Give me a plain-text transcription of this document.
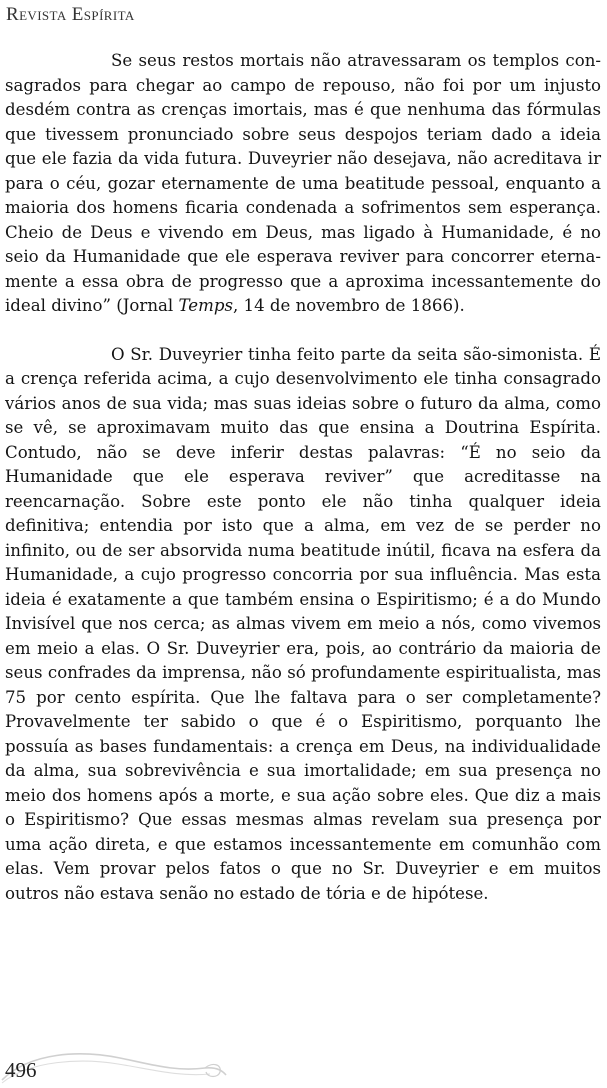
Revista Espírita

Se seus restos mortais não atravessaram os templos consagrados para chegar ao campo de repouso, não foi por um injusto desdém contra as crenças imortais, mas é que nenhuma das fórmulas que tivessem pronunciado sobre seus despojos teriam dado a ideia que ele fazia da vida futura. Duveyrier não desejava, não acreditava ir para o céu, gozar eternamente de uma beatitude pessoal, enquanto a maioria dos homens ficaria condenada a sofrimentos sem esperança. Cheio de Deus e vivendo em Deus, mas ligado à Humanidade, é no seio da Humanidade que ele esperava reviver para concorrer eternamente a essa obra de progresso que a aproxima incessantemente do ideal divino” (Jornal Temps, 14 de novembro de 1866).

O Sr. Duveyrier tinha feito parte da seita são-simonista. É a crença referida acima, a cujo desenvolvimento ele tinha consagrado vários anos de sua vida; mas suas ideias sobre o futuro da alma, como se vê, se aproximavam muito das que ensina a Doutrina Espírita. Contudo, não se deve inferir destas palavras: “É no seio da Humanidade que ele esperava reviver” que acreditasse na reencarnação. Sobre este ponto ele não tinha qualquer ideia definitiva; entendia por isto que a alma, em vez de se perder no infinito, ou de ser absorvida numa beatitude inútil, ficava na esfera da Humanidade, a cujo progresso concorria por sua influência. Mas esta ideia é exatamente a que também ensina o Espiritismo; é a do Mundo Invisível que nos cerca; as almas vivem em meio a nós, como vivemos em meio a elas. O Sr. Duveyrier era, pois, ao contrário da maioria de seus confrades da imprensa, não só profundamente espiritualista, mas 75 por cento espírita. Que lhe faltava para o ser completamente? Provavelmente ter sabido o que é o Espiritismo, porquanto lhe possuía as bases fundamentais: a crença em Deus, na individualidade da alma, sua sobrevivência e sua imortalidade; em sua presença no meio dos homens após a morte, e sua ação sobre eles. Que diz a mais o Espiritismo? Que essas mesmas almas revelam sua presença por uma ação direta, e que estamos incessantemente em comunhão com elas. Vem provar pelos fatos o que no Sr. Duveyrier e em muitos outros não estava senão no estado de tória e de hipótese.

496
